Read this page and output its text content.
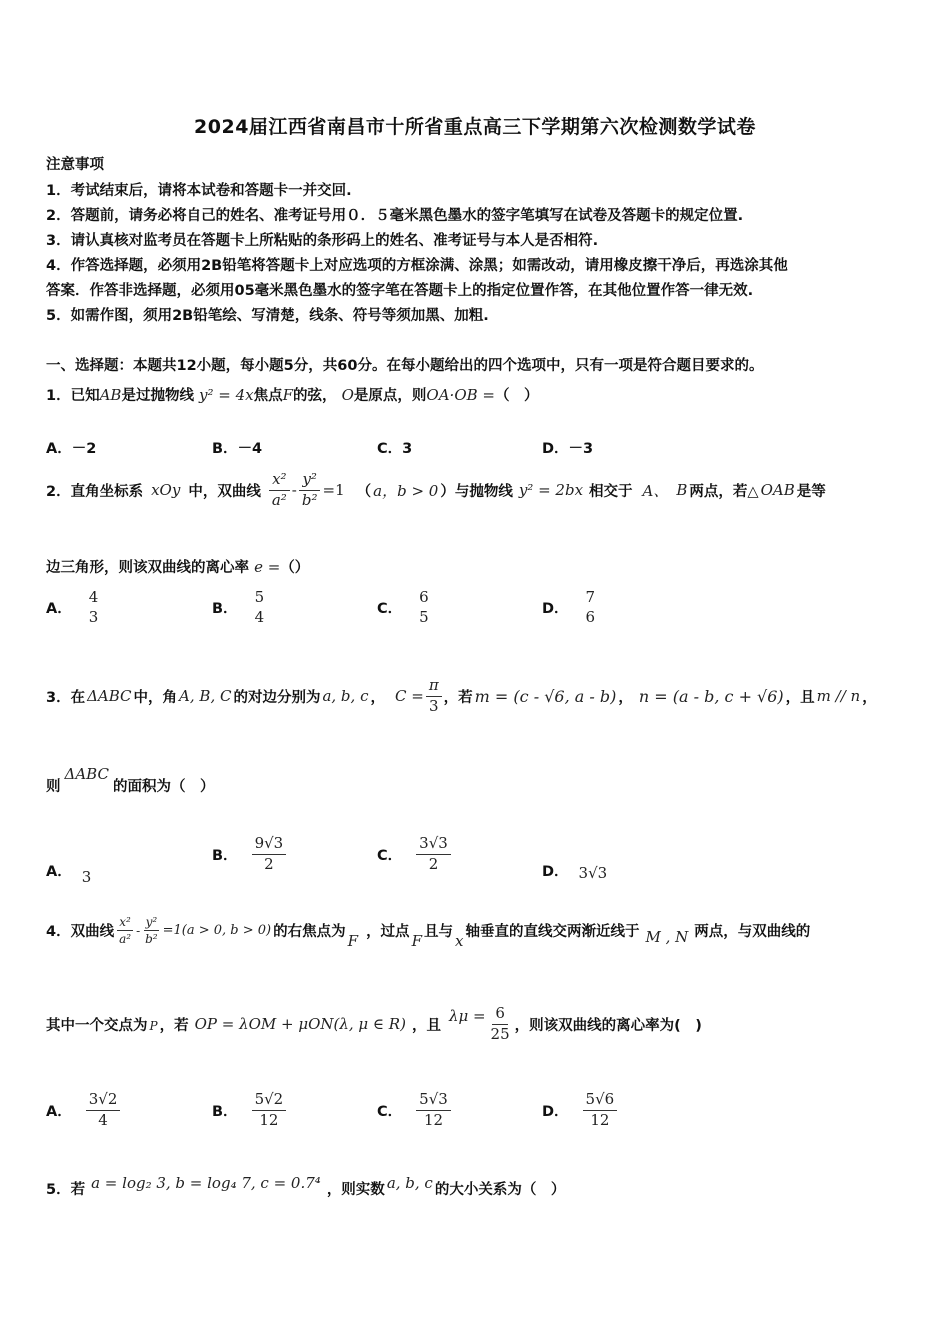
2024届江西省南昌市十所省重点高三下学期第六次检测数学试卷
注意事项
1．考试结束后，请将本试卷和答题卡一并交回.
2．答题前，请务必将自己的姓名、准考证号用０．５毫米黑色墨水的签字笔填写在试卷及答题卡的规定位置.
3．请认真核对监考员在答题卡上所粘贴的条形码上的姓名、准考证号与本人是否相符.
4．作答选择题，必须用2B铅笔将答题卡上对应选项的方框涂满、涂黑；如需改动，请用橡皮擦干净后，再选涂其他
答案．作答非选择题，必须用05毫米黑色墨水的签字笔在答题卡上的指定位置作答，在其他位置作答一律无效.
5．如需作图，须用2B铅笔绘、写清楚，线条、符号等须加黑、加粗.
一、选择题：本题共12小题，每小题5分，共60分。在每小题给出的四个选项中，只有一项是符合题目要求的。
1．已知AB是过抛物线 y² = 4x焦点F的弦， O是原点，则OA·OB =（　）
A．－2	B．－4	C．3	D．－3
2．直角坐标系 xOy 中，双曲线 $\frac{\text{x²}}{\text{a²}} - \frac{\text{y²}}{\text{b²}} =1$ （ a，b > 0 ）与抛物线 y² = 2bx 相交于 A、 B 两点，若△ OAB 是等
边三角形，则该双曲线的离心率 e =（）
A．
4
3	B．
5
4	C．
6
5	D．
7
6
3．在 ΔABC 中，角 A, B, C 的对边分别为 a, b, c ， $C = \frac{\pi}{3}$ ，若 m = (c - √6, a - b) ， n = (a - b, c + √6) ，且 m // n ，
则ΔABC的面积为（　）
A． 3
B． $\frac{9√3}{2}$	C． $\frac{3√3}{2}$	D． 3√3
4．双曲线 $\frac{\text{x²}}{\text{a²}} - \frac{\text{y²}}{\text{b²}} =1(a > 0$, b > 0) 的右焦点为 F ，过点 F 且与 x 轴垂直的直线交两渐近线于 M , N 两点，与双曲线的
其中一个交点为 P ，若 OP = λOM + μON(λ, μ ∈ R) ，且
$\lambda\mu = \frac{6}{25}$ ，则该双曲线的离心率为(　)
A． $\frac{3√2}{4}$	B． $\frac{5√2}{12}$	C． $\frac{5√3}{12}$	D． $\frac{5√6}{12}$
5．若 a = log₂ 3, b = log₄ 7, c = 0.7⁴ ，则实数 a, b, c 的大小关系为（　）
